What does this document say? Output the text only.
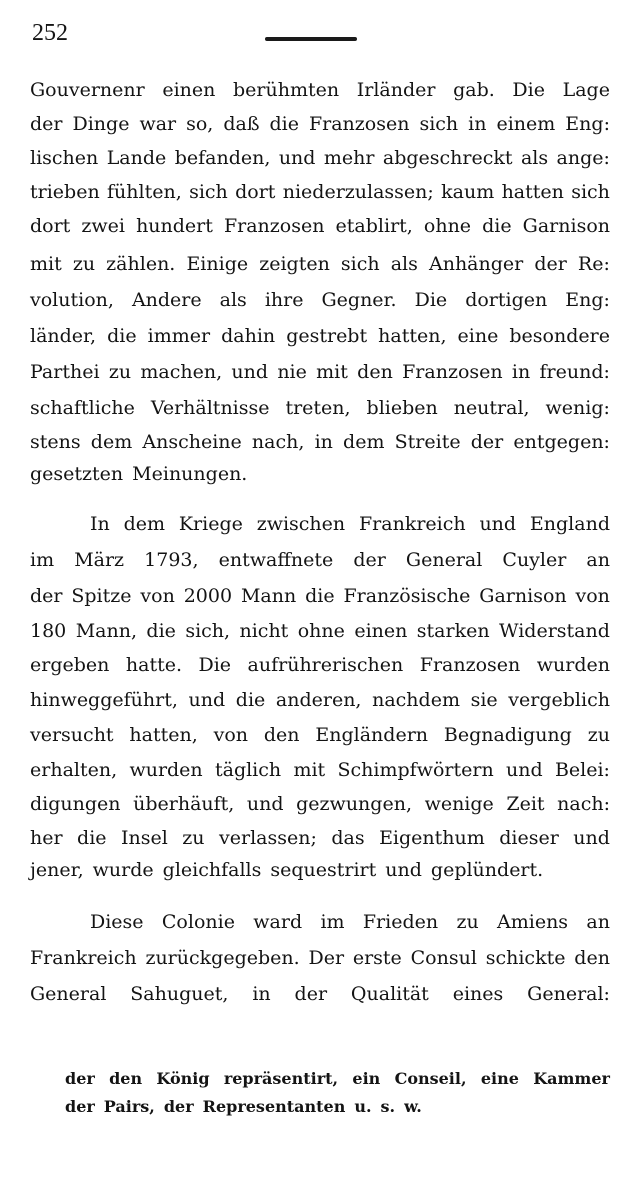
252
Gouvernenr einen berühmten Irländer gab. Die Lage
der Dinge war so, daß die Franzosen sich in einem Eng:
lischen Lande befanden, und mehr abgeschreckt als ange:
trieben fühlten, sich dort niederzulassen; kaum hatten sich
dort zwei hundert Franzosen etablirt, ohne die Garnison
mit zu zählen. Einige zeigten sich als Anhänger der Re:
volution, Andere als ihre Gegner. Die dortigen Eng:
länder, die immer dahin gestrebt hatten, eine besondere
Parthei zu machen, und nie mit den Franzosen in freund:
schaftliche Verhältnisse treten, blieben neutral, wenig:
stens dem Anscheine nach, in dem Streite der entgegen:
gesetzten Meinungen.
In dem Kriege zwischen Frankreich und England
im März 1793, entwaffnete der General Cuyler an
der Spitze von 2000 Mann die Französische Garnison von
180 Mann, die sich, nicht ohne einen starken Widerstand
ergeben hatte. Die aufrührerischen Franzosen wurden
hinweggeführt, und die anderen, nachdem sie vergeblich
versucht hatten, von den Engländern Begnadigung zu
erhalten, wurden täglich mit Schimpfwörtern und Belei:
digungen überhäuft, und gezwungen, wenige Zeit nach:
her die Insel zu verlassen; das Eigenthum dieser und
jener, wurde gleichfalls sequestrirt und geplündert.
Diese Colonie ward im Frieden zu Amiens an
Frankreich zurückgegeben. Der erste Consul schickte den
General Sahuguet, in der Qualität eines General:
der den König repräsentirt, ein Conseil, eine Kammer
der Pairs, der Representanten u. s. w.
